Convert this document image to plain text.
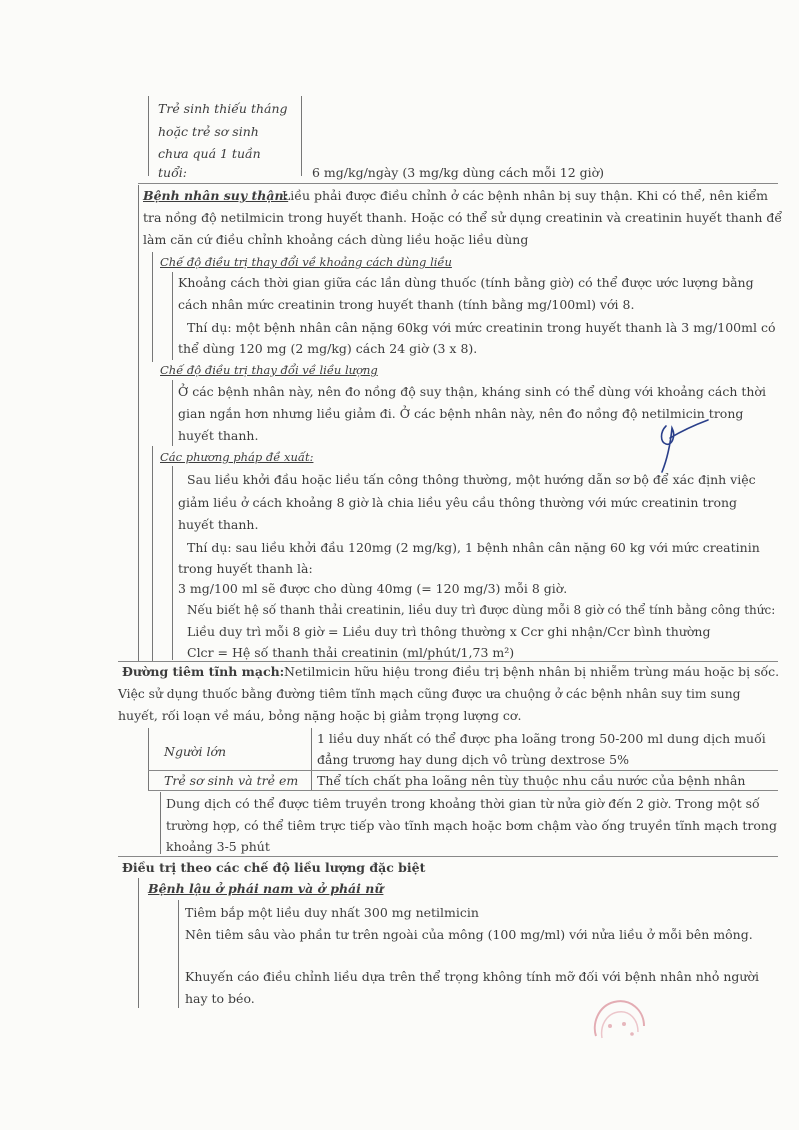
Trẻ sinh thiếu tháng
hoặc trẻ sơ sinh
chưa quá 1 tuần
tuổi:	6 mg/kg/ngày (3 mg/kg dùng cách mỗi 12 giờ)
Bệnh nhân suy thận:
Liều phải được điều chỉnh ở các bệnh nhân bị suy thận. Khi có thể, nên kiểm
tra nồng độ netilmicin trong huyết thanh. Hoặc có thể sử dụng creatinin và creatinin huyết thanh để
làm căn cứ điều chỉnh khoảng cách dùng liều hoặc liều dùng
Chế độ điều trị thay đổi về khoảng cách dùng liều
Khoảng cách thời gian giữa các lần dùng thuốc (tính bằng giờ) có thể được ước lượng bằng
cách nhân mức creatinin trong huyết thanh (tính bằng mg/100ml) với 8.
Thí dụ: một bệnh nhân cân nặng 60kg với mức creatinin trong huyết thanh là 3 mg/100ml có
thể dùng 120 mg (2 mg/kg) cách 24 giờ (3 x 8).
Chế độ điều trị thay đổi về liều lượng
Ở các bệnh nhân này, nên đo nồng độ suy thận, kháng sinh có thể dùng với khoảng cách thời
gian ngắn hơn nhưng liều giảm đi. Ở các bệnh nhân này, nên đo nồng độ netilmicin trong
huyết thanh.
Các phương pháp đề xuất:
Sau liều khởi đầu hoặc liều tấn công thông thường, một hướng dẫn sơ bộ để xác định việc
giảm liều ở cách khoảng 8 giờ là chia liều yêu cầu thông thường với mức creatinin trong
huyết thanh.
Thí dụ: sau liều khởi đầu 120mg (2 mg/kg), 1 bệnh nhân cân nặng 60 kg với mức creatinin
trong huyết thanh là:
3 mg/100 ml sẽ được cho dùng 40mg (= 120 mg/3) mỗi 8 giờ.
Nếu biết hệ số thanh thải creatinin, liều duy trì được dùng mỗi 8 giờ có thể tính bằng công thức:
Liều duy trì mỗi 8 giờ = Liều duy trì thông thường x Ccr ghi nhận/Ccr bình thường
Clcr = Hệ số thanh thải creatinin (ml/phút/1,73 m²)
Đường tiêm tĩnh mạch: Netilmicin hữu hiệu trong điều trị bệnh nhân bị nhiễm trùng máu hoặc bị sốc.
Việc sử dụng thuốc bằng đường tiêm tĩnh mạch cũng được ưa chuộng ở các bệnh nhân suy tim sung
huyết, rối loạn về máu, bỏng nặng hoặc bị giảm trọng lượng cơ.
Người lớn
1 liều duy nhất có thể được pha loãng trong 50-200 ml dung dịch muối
đẳng trương hay dung dịch vô trùng dextrose 5%
Trẻ sơ sinh và trẻ em Thể tích chất pha loãng nên tùy thuộc nhu cầu nước của bệnh nhân
Dung dịch có thể được tiêm truyền trong khoảng thời gian từ nửa giờ đến 2 giờ. Trong một số
trường hợp, có thể tiêm trực tiếp vào tĩnh mạch hoặc bơm chậm vào ống truyền tĩnh mạch trong
khoảng 3-5 phút
Điều trị theo các chế độ liều lượng đặc biệt
Bệnh lậu ở phái nam và ở phái nữ
Tiêm bắp một liều duy nhất 300 mg netilmicin
Nên tiêm sâu vào phần tư trên ngoài của mông (100 mg/ml) với nửa liều ở mỗi bên mông.
Khuyến cáo điều chỉnh liều dựa trên thể trọng không tính mỡ đối với bệnh nhân nhỏ người
hay to béo.
